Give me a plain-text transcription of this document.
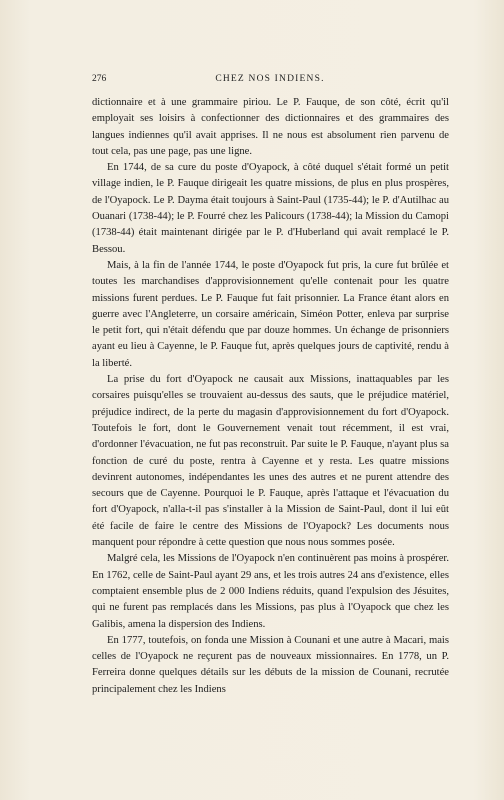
276	CHEZ NOS INDIENS.

dictionnaire et à une grammaire piriou. Le P. Fauque, de son côté, écrit qu'il employait ses loisirs à confectionner des dictionnaires et des grammaires des langues indiennes qu'il avait apprises. Il ne nous est absolument rien parvenu de tout cela, pas une page, pas une ligne.

En 1744, de sa cure du poste d'Oyapock, à côté duquel s'était formé un petit village indien, le P. Fauque dirigeait les quatre missions, de plus en plus prospères, de l'Oyapock. Le P. Dayma était toujours à Saint-Paul (1735-44); le P. d'Autilhac au Ouanari (1738-44); le P. Fourré chez les Palicours (1738-44); la Mission du Camopi (1738-44) était maintenant dirigée par le P. d'Huberland qui avait remplacé le P. Bessou.

Mais, à la fin de l'année 1744, le poste d'Oyapock fut pris, la cure fut brûlée et toutes les marchandises d'approvisionnement qu'elle contenait pour les quatre missions furent perdues. Le P. Fauque fut fait prisonnier. La France étant alors en guerre avec l'Angleterre, un corsaire américain, Siméon Potter, enleva par surprise le petit fort, qui n'était défendu que par douze hommes. Un échange de prisonniers ayant eu lieu à Cayenne, le P. Fauque fut, après quelques jours de captivité, rendu à la liberté.

La prise du fort d'Oyapock ne causait aux Missions, inattaquables par les corsaires puisqu'elles se trouvaient au-dessus des sauts, que le préjudice matériel, préjudice indirect, de la perte du magasin d'approvisionnement du fort d'Oyapock. Toutefois le fort, dont le Gouvernement venait tout récemment, il est vrai, d'ordonner l'évacuation, ne fut pas reconstruit. Par suite le P. Fauque, n'ayant plus sa fonction de curé du poste, rentra à Cayenne et y resta. Les quatre missions devinrent autonomes, indépendantes les unes des autres et ne purent attendre des secours que de Cayenne. Pourquoi le P. Fauque, après l'attaque et l'évacuation du fort d'Oyapock, n'alla-t-il pas s'installer à la Mission de Saint-Paul, dont il lui eût été facile de faire le centre des Missions de l'Oyapock? Les documents nous manquent pour répondre à cette question que nous nous sommes posée.

Malgré cela, les Missions de l'Oyapock n'en continuèrent pas moins à prospérer. En 1762, celle de Saint-Paul ayant 29 ans, et les trois autres 24 ans d'existence, elles comptaient ensemble plus de 2 000 Indiens réduits, quand l'expulsion des Jésuites, qui ne furent pas remplacés dans les Missions, pas plus à l'Oyapock que chez les Galibis, amena la dispersion des Indiens.

En 1777, toutefois, on fonda une Mission à Counani et une autre à Macari, mais celles de l'Oyapock ne reçurent pas de nouveaux missionnaires. En 1778, un P. Ferreira donne quelques détails sur les débuts de la mission de Counani, recrutée principalement chez les Indiens
